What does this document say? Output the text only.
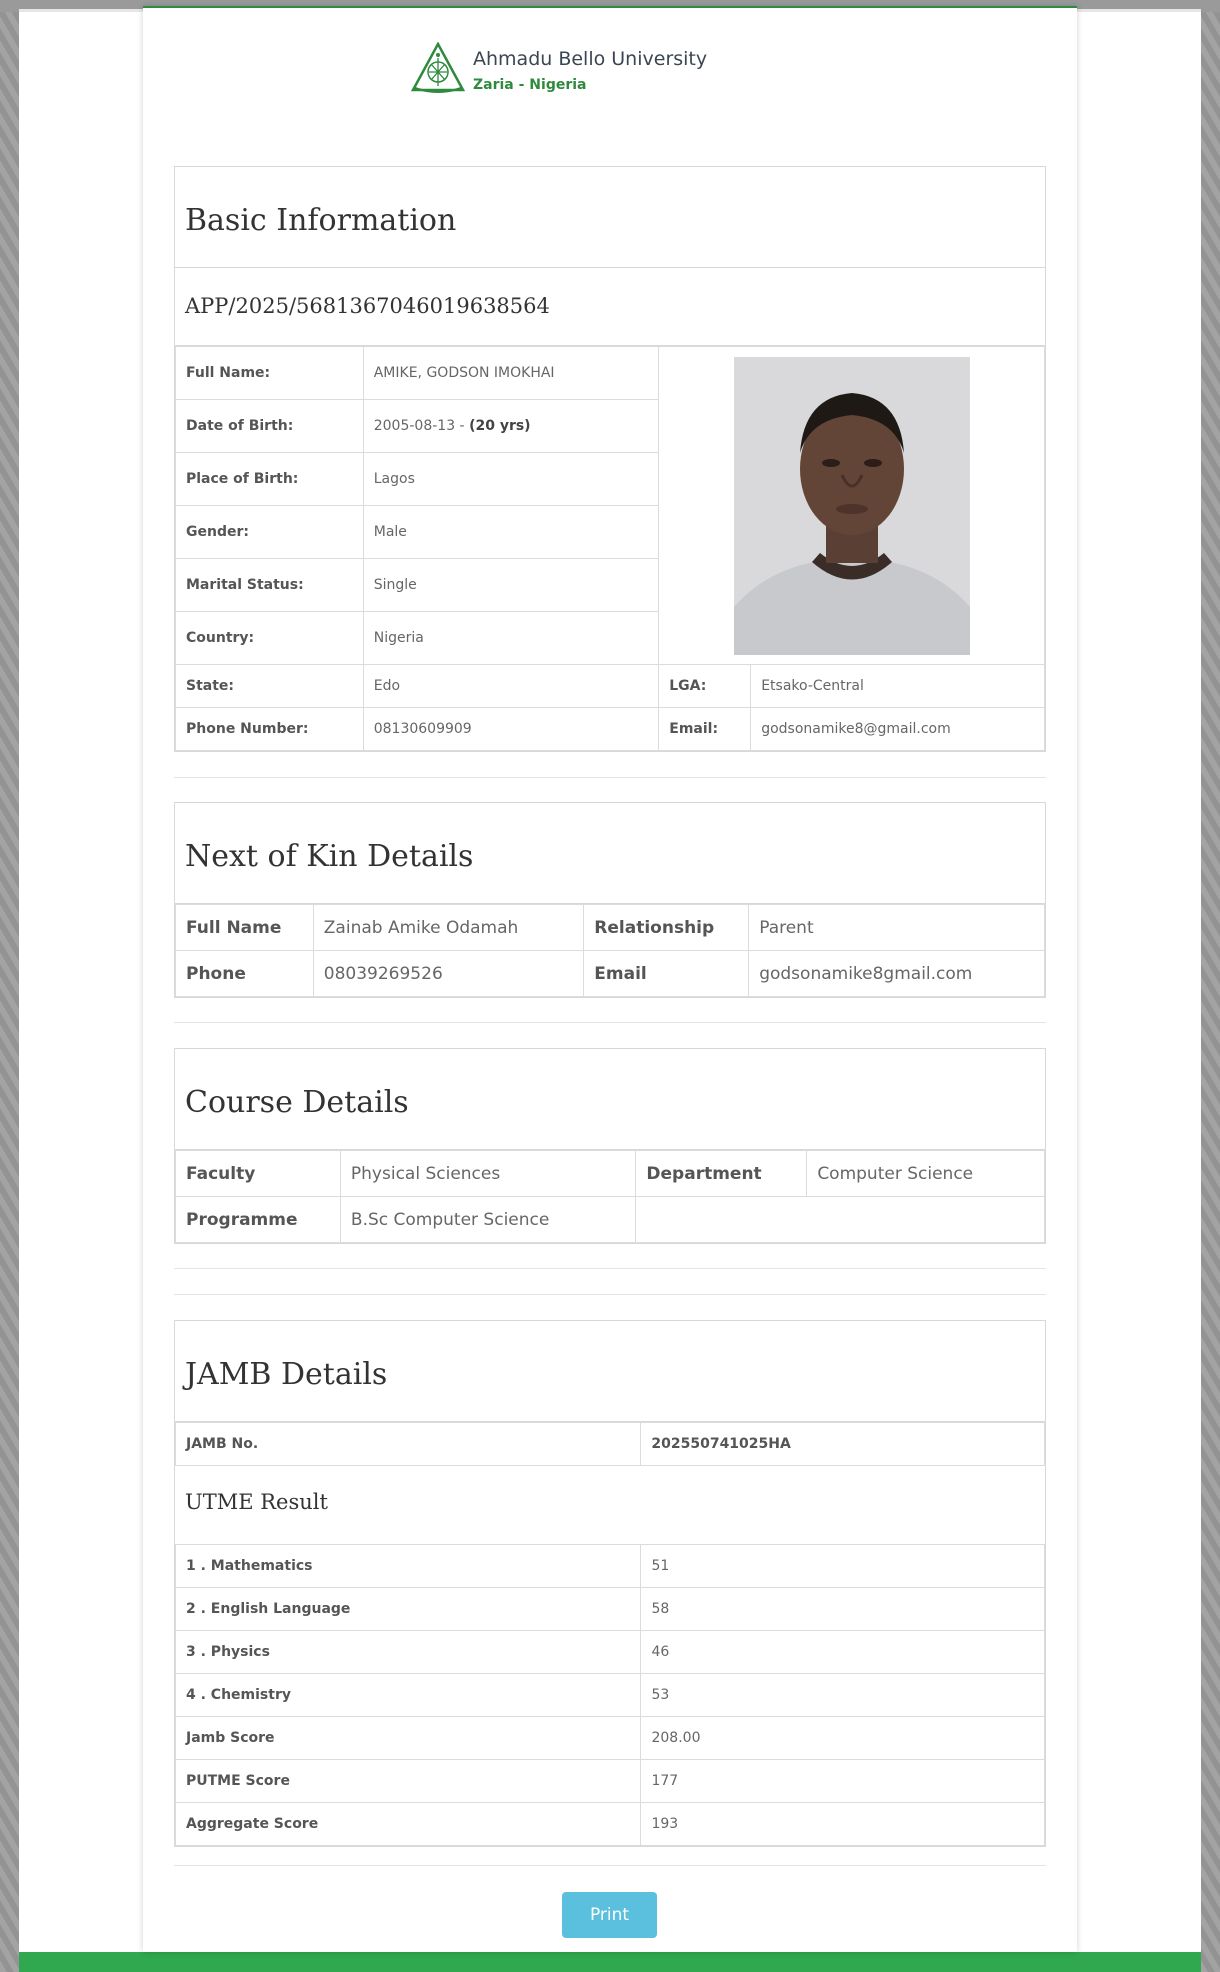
Ahmadu Bello University
Zaria - Nigeria
Basic Information
APP/2025/5681367046019638564
Full Name:	AMIKE, GODSON IMOKHAI	
Date of Birth:	2005-08-13 - (20 yrs)		
Place of Birth:	Lagos		
Gender:	Male		
Marital Status:	Single		
Country:	Nigeria		
State:	Edo	LGA:	Etsako-Central
Phone Number:	08130609909	Email:	godsonamike8@gmail.com
Next of Kin Details
Full Name	Zainab Amike Odamah	Relationship	Parent
Phone	08039269526	Email	godsonamike8gmail.com
Course Details
Faculty	Physical Sciences	Department	Computer Science
Programme	B.Sc Computer Science		
JAMB Details
JAMB No.	202550741025HA
UTME Result
1 . Mathematics	51
2 . English Language	58
3 . Physics	46
4 . Chemistry	53
Jamb Score	208.00
PUTME Score	177
Aggregate Score	193
Print
